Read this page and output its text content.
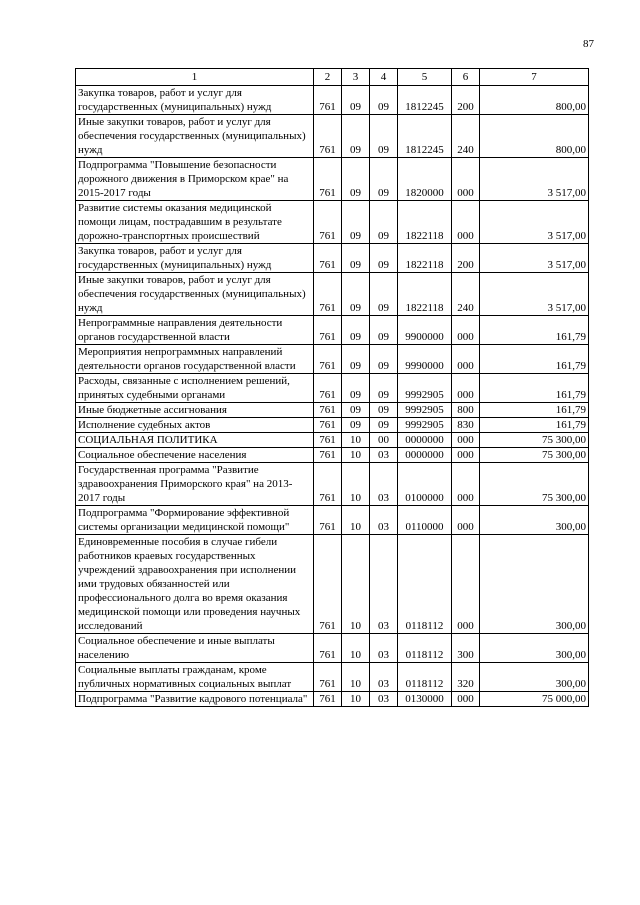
87
1	2	3	4	5	6	7
Закупка товаров, работ и услуг для государственных (муниципальных) нужд	761	09	09	1812245	200	800,00
Иные закупки товаров, работ и услуг для обеспечения государственных (муниципальных) нужд	761	09	09	1812245	240	800,00
Подпрограмма "Повышение безопасности дорожного движения в Приморском крае" на 2015-2017 годы	761	09	09	1820000	000	3 517,00
Развитие системы оказания медицинской помощи лицам, пострадавшим в результате дорожно-транспортных происшествий	761	09	09	1822118	000	3 517,00
Закупка товаров, работ и услуг для государственных (муниципальных) нужд	761	09	09	1822118	200	3 517,00
Иные закупки товаров, работ и услуг для обеспечения государственных (муниципальных) нужд	761	09	09	1822118	240	3 517,00
Непрограммные направления деятельности органов государственной власти	761	09	09	9900000	000	161,79
Мероприятия непрограммных направлений деятельности органов государственной власти	761	09	09	9990000	000	161,79
Расходы, связанные с исполнением решений, принятых судебными органами	761	09	09	9992905	000	161,79
Иные бюджетные ассигнования	761	09	09	9992905	800	161,79
Исполнение судебных актов	761	09	09	9992905	830	161,79
СОЦИАЛЬНАЯ ПОЛИТИКА	761	10	00	0000000	000	75 300,00
Социальное обеспечение населения	761	10	03	0000000	000	75 300,00
Государственная программа "Развитие здравоохранения Приморского края" на 2013-2017 годы	761	10	03	0100000	000	75 300,00
Подпрограмма "Формирование эффективной системы организации медицинской помощи"	761	10	03	0110000	000	300,00
Единовременные пособия в случае гибели работников краевых государственных учреждений здравоохранения при исполнении ими трудовых обязанностей или профессионального долга во время оказания медицинской помощи или проведения научных исследований	761	10	03	0118112	000	300,00
Социальное обеспечение и иные выплаты населению	761	10	03	0118112	300	300,00
Социальные выплаты гражданам, кроме публичных нормативных социальных выплат	761	10	03	0118112	320	300,00
Подпрограмма "Развитие кадрового потенциала"	761	10	03	0130000	000	75 000,00
